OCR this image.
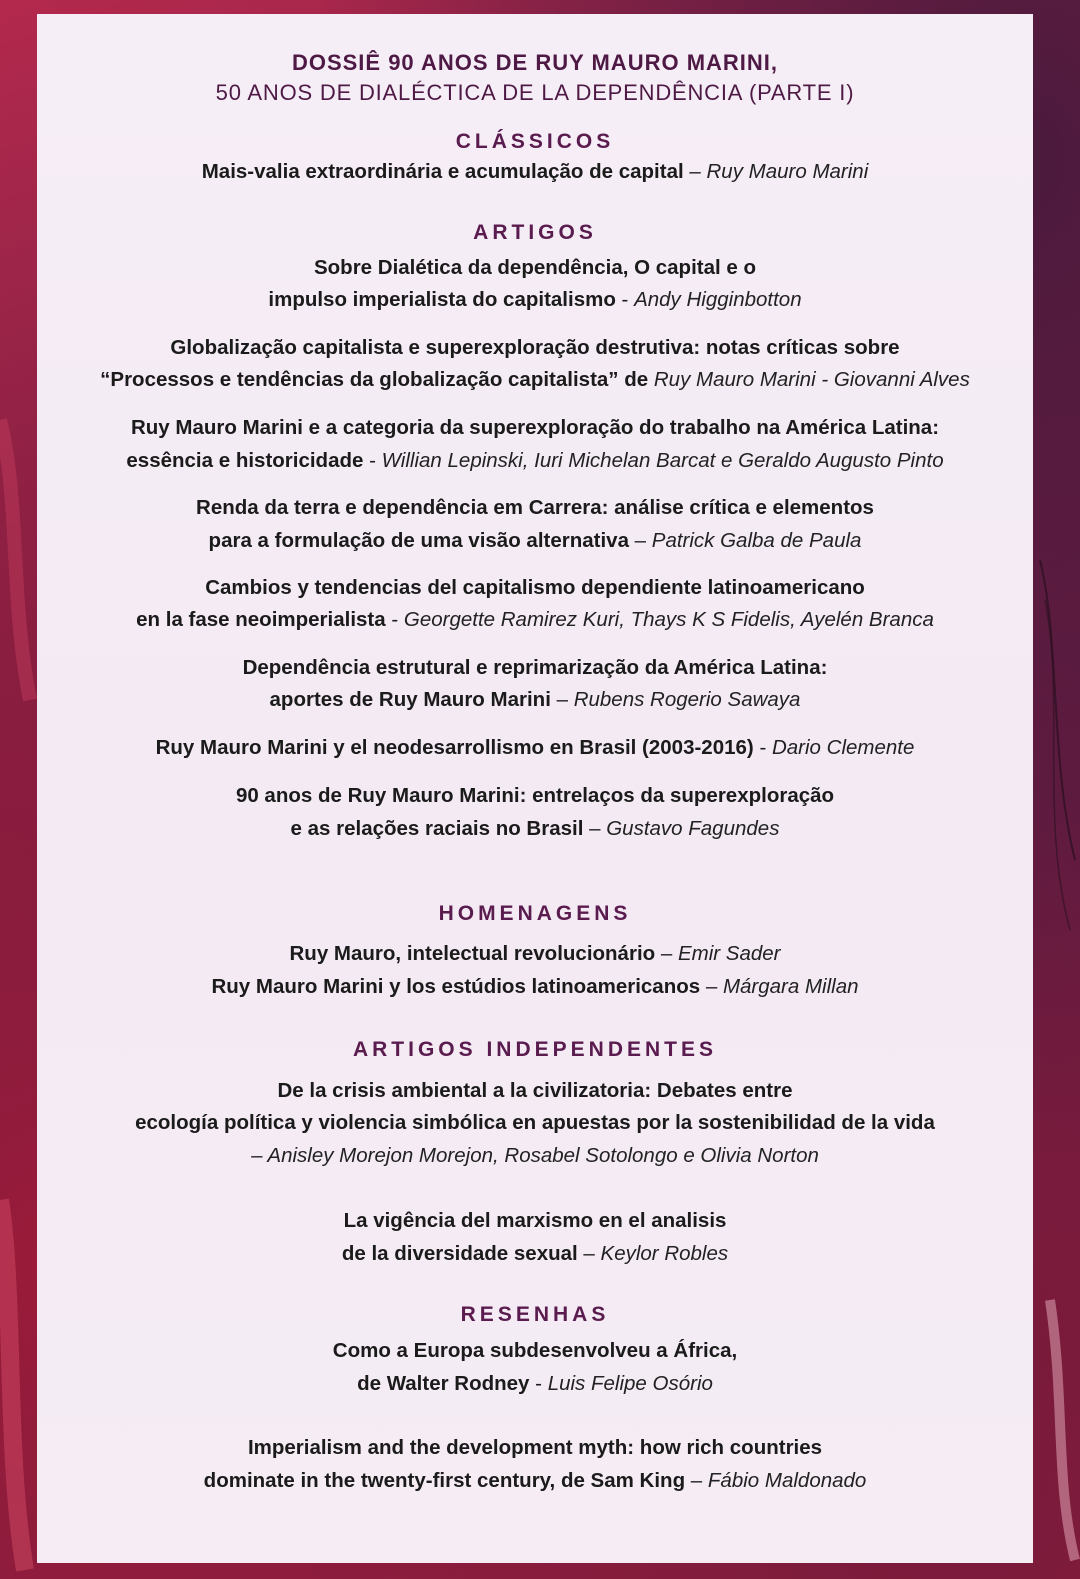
DOSSIÊ 90 ANOS DE RUY MAURO MARINI,
50 ANOS DE DIALÉCTICA DE LA DEPENDÊNCIA (PARTE I)
CLÁSSICOS
Mais-valia extraordinária e acumulação de capital – Ruy Mauro Marini
ARTIGOS
Sobre Dialética da dependência, O capital e o
impulso imperialista do capitalismo - Andy Higginbotton
Globalização capitalista e superexploração destrutiva: notas críticas sobre
“Processos e tendências da globalização capitalista” de Ruy Mauro Marini - Giovanni Alves
Ruy Mauro Marini e a categoria da superexploração do trabalho na América Latina:
essência e historicidade - Willian Lepinski, Iuri Michelan Barcat e Geraldo Augusto Pinto
Renda da terra e dependência em Carrera: análise crítica e elementos
para a formulação de uma visão alternativa – Patrick Galba de Paula
Cambios y tendencias del capitalismo dependiente latinoamericano
en la fase neoimperialista - Georgette Ramirez Kuri, Thays K S Fidelis, Ayelén Branca
Dependência estrutural e reprimarização da América Latina:
aportes de Ruy Mauro Marini – Rubens Rogerio Sawaya
Ruy Mauro Marini y el neodesarrollismo en Brasil (2003-2016) - Dario Clemente
90 anos de Ruy Mauro Marini: entrelaços da superexploração
e as relações raciais no Brasil – Gustavo Fagundes
HOMENAGENS
Ruy Mauro, intelectual revolucionário – Emir Sader
Ruy Mauro Marini y los estúdios latinoamericanos – Márgara Millan
ARTIGOS INDEPENDENTES
De la crisis ambiental a la civilizatoria: Debates entre
ecología política y violencia simbólica en apuestas por la sostenibilidad de la vida
– Anisley Morejon Morejon, Rosabel Sotolongo e Olivia Norton
La vigência del marxismo en el analisis
de la diversidade sexual – Keylor Robles
RESENHAS
Como a Europa subdesenvolveu a África,
de Walter Rodney - Luis Felipe Osório
Imperialism and the development myth: how rich countries
dominate in the twenty-first century, de Sam King – Fábio Maldonado
